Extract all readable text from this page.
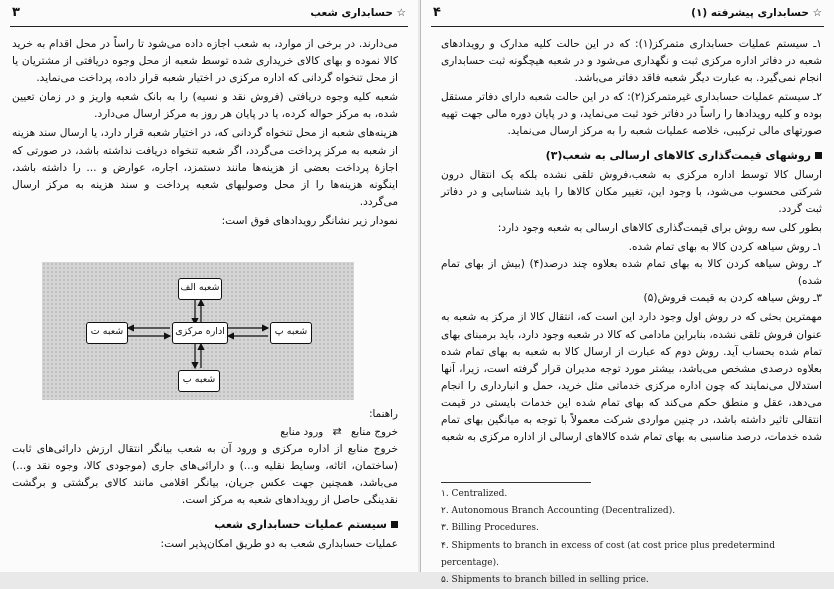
۴	☆ حسابداری پیشرفته (۱)

۱ـ سیستم عملیات حسابداری متمرکز(۱): که در این حالت کلیه مدارک و رویدادهای شعبه در دفاتر اداره مرکزی ثبت و نگهداری می‌شود و در شعبه هیچگونه ثبت حسابداری انجام نمی‌گیرد. به عبارت دیگر شعبه فاقد دفاتر می‌باشد.

۲ـ سیستم عملیات حسابداری غیرمتمرکز(۲): که در این حالت شعبه دارای دفاتر مستقل بوده و کلیه رویدادها را راساً در دفاتر خود ثبت می‌نماید، و در پایان دوره مالی جهت تهیه صورتهای مالی ترکیبی، خلاصه عملیات شعبه را به مرکز ارسال می‌نماید.

روشهای قیمت‌گذاری کالاهای ارسالی به شعب(۳)

ارسال کالا توسط اداره مرکزی به شعب،فروش تلقی نشده بلکه یک انتقال درون شرکتی محسوب می‌شود، با وجود این، تغییر مکان کالاها را باید شناسایی و در دفاتر ثبت گردد.

بطور کلی سه روش برای قیمت‌گذاری کالاهای ارسالی به شعبه وجود دارد:

۱ـ روش سیاهه کردن کالا به بهای تمام شده.

۲ـ روش سیاهه کردن کالا به بهای تمام شده بعلاوه چند درصد(۴) (بیش از بهای تمام شده)

۳ـ روش سیاهه کردن به قیمت فروش(۵)

مهمترین بحثی که در روش اول وجود دارد این است که، انتقال کالا از مرکز به شعبه به عنوان فروش تلقی نشده، بنابراین مادامی که کالا در شعبه وجود دارد، باید برمبنای بهای تمام شده بحساب آید. روش دوم که عبارت از ارسال کالا به شعبه به بهای تمام شده بعلاوه درصدی مشخص می‌باشد، بیشتر مورد توجه مدیران قرار گرفته است، زیرا، آنها استدلال می‌نمایند که چون اداره مرکزی خدماتی مثل خرید، حمل و انبارداری را انجام می‌دهد، عقل و منطق حکم می‌کند که بهای تمام شده این خدمات بایستی در قیمت انتقالی تاثیر داشته باشد، در چنین مواردی شرکت معمولاً با توجه به میانگین بهای تمام شده خدمات، درصد مناسبی به بهای تمام شده کالاهای ارسالی از اداره مرکزی به شعبه

۱. Centralized.
۲. Autonomous Branch Accounting (Decentralized).
۳. Billing Procedures.
۴. Shipments to branch in excess of cost (at cost price plus predetermind percentage).
۵. Shipments to branch billed in selling price.
۳	☆ حسابداری شعب

می‌دارند. در برخی از موارد، به شعب اجازه داده می‌شود تا راساً در محل اقدام به خرید کالا نموده و بهای کالای خریداری شده توسط شعبه از محل وجوه دریافتی از مشتریان یا از محل تنخواه گردانی که اداره مرکزی در اختیار شعبه قرار داده، پرداخت می‌نماید.

شعبه کلیه وجوه دریافتی (فروش نقد و نسیه) را به بانک شعبه واریز و در زمان تعیین شده، به مرکز حواله کرده، یا در پایان هر روز به مرکز ارسال می‌دارد.

هزینه‌های شعبه از محل تنخواه گردانی که، در اختیار شعبه قرار دارد، یا ارسال سند هزینه از شعبه به مرکز پرداخت می‌گردد، اگر شعبه تنخواه دریافت نداشته باشد، در صورتی که اجازهٔ پرداخت بعضی از هزینه‌ها مانند دستمزد، اجاره، عوارض و ... را داشته باشد، اینگونه هزینه‌ها را از محل وصولیهای شعبه پرداخت و سند هزینه به مرکز ارسال می‌گردد.

نمودار زیر نشانگر رویدادهای فوق است:

اداره مرکزی
شعبه الف
شعبه پ
شعبه ت
شعبه ب
راهنما:
خروج منابع ⇄ ورود منابع

خروج منابع از اداره مرکزی و ورود آن به شعب بیانگر انتقال ارزش دارائی‌های ثابت (ساختمان، اثاثه، وسایط نقلیه و...) و دارائی‌های جاری (موجودی کالا، وجوه نقد و...) می‌باشد، همچنین جهت عکس جریان، بیانگر اقلامی مانند کالای برگشتی و برگشت نقدینگی حاصل از رویدادهای شعبه به مرکز است.

سیستم عملیات حسابداری شعب

عملیات حسابداری شعب به دو طریق امکان‌پذیر است:
